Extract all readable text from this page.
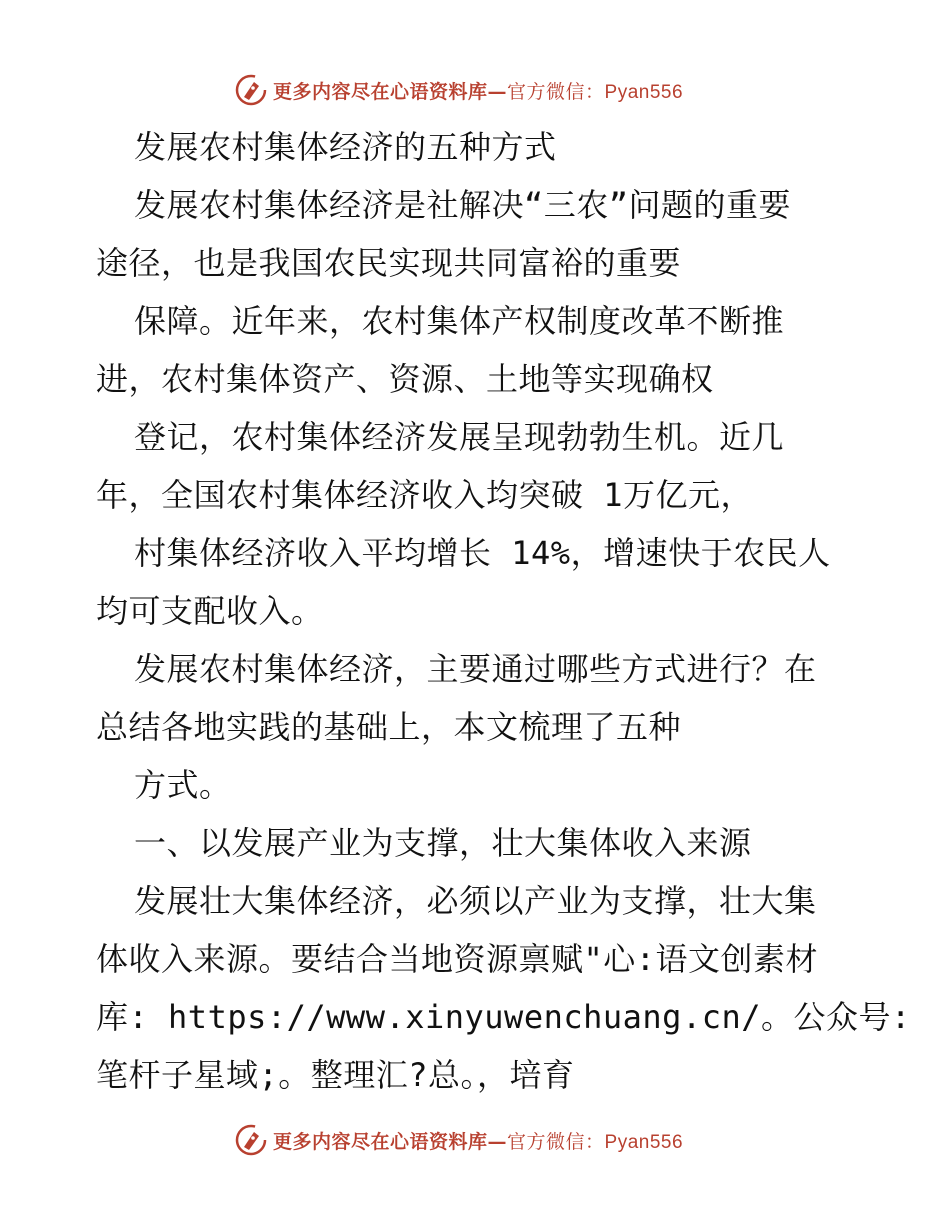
更多内容尽在心语资料库—官方微信：Pyan556
发展农村集体经济的五种方式
发展农村集体经济是社解决“三农”问题的重要
途径，也是我国农民实现共同富裕的重要
保障。近年来，农村集体产权制度改革不断推
进，农村集体资产、资源、土地等实现确权
登记，农村集体经济发展呈现勃勃生机。近几
年，全国农村集体经济收入均突破 1万亿元，
村集体经济收入平均增长 14%，增速快于农民人
均可支配收入。
发展农村集体经济，主要通过哪些方式进行？在
总结各地实践的基础上，本文梳理了五种
方式。
一、以发展产业为支撑，壮大集体收入来源
发展壮大集体经济，必须以产业为支撑，壮大集
体收入来源。要结合当地资源禀赋"心:语文创素材
库: https://www.xinyuwenchuang.cn/。公众号:
笔杆子星域;。整理汇?总。，培育
更多内容尽在心语资料库—官方微信：Pyan556
